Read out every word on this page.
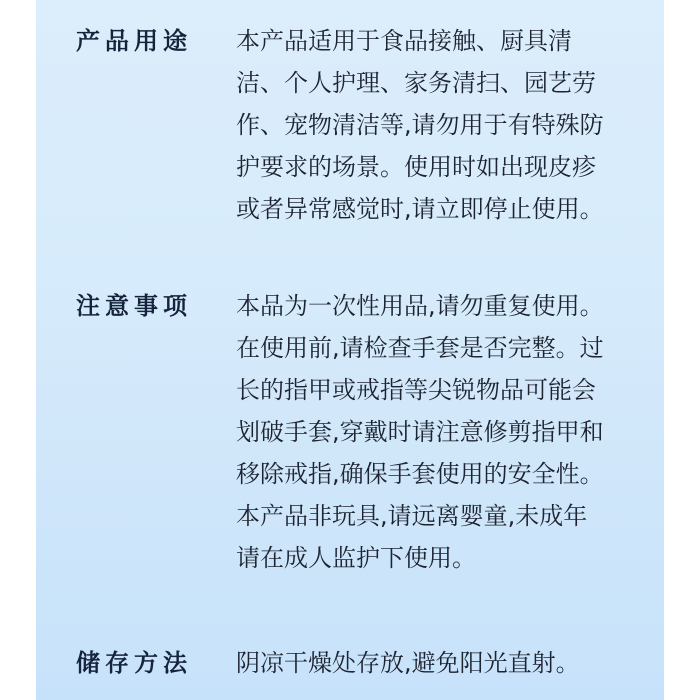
产品用途 本产品适用于食品接触、厨具清
洁、个人护理、家务清扫、园艺劳
作、宠物清洁等,请勿用于有特殊防
护要求的场景。使用时如出现皮疹
或者异常感觉时,请立即停止使用。
注意事项 本品为一次性用品,请勿重复使用。
在使用前,请检查手套是否完整。过
长的指甲或戒指等尖锐物品可能会
划破手套,穿戴时请注意修剪指甲和
移除戒指,确保手套使用的安全性。
本产品非玩具,请远离婴童,未成年
请在成人监护下使用。
储存方法 阴凉干燥处存放,避免阳光直射。
